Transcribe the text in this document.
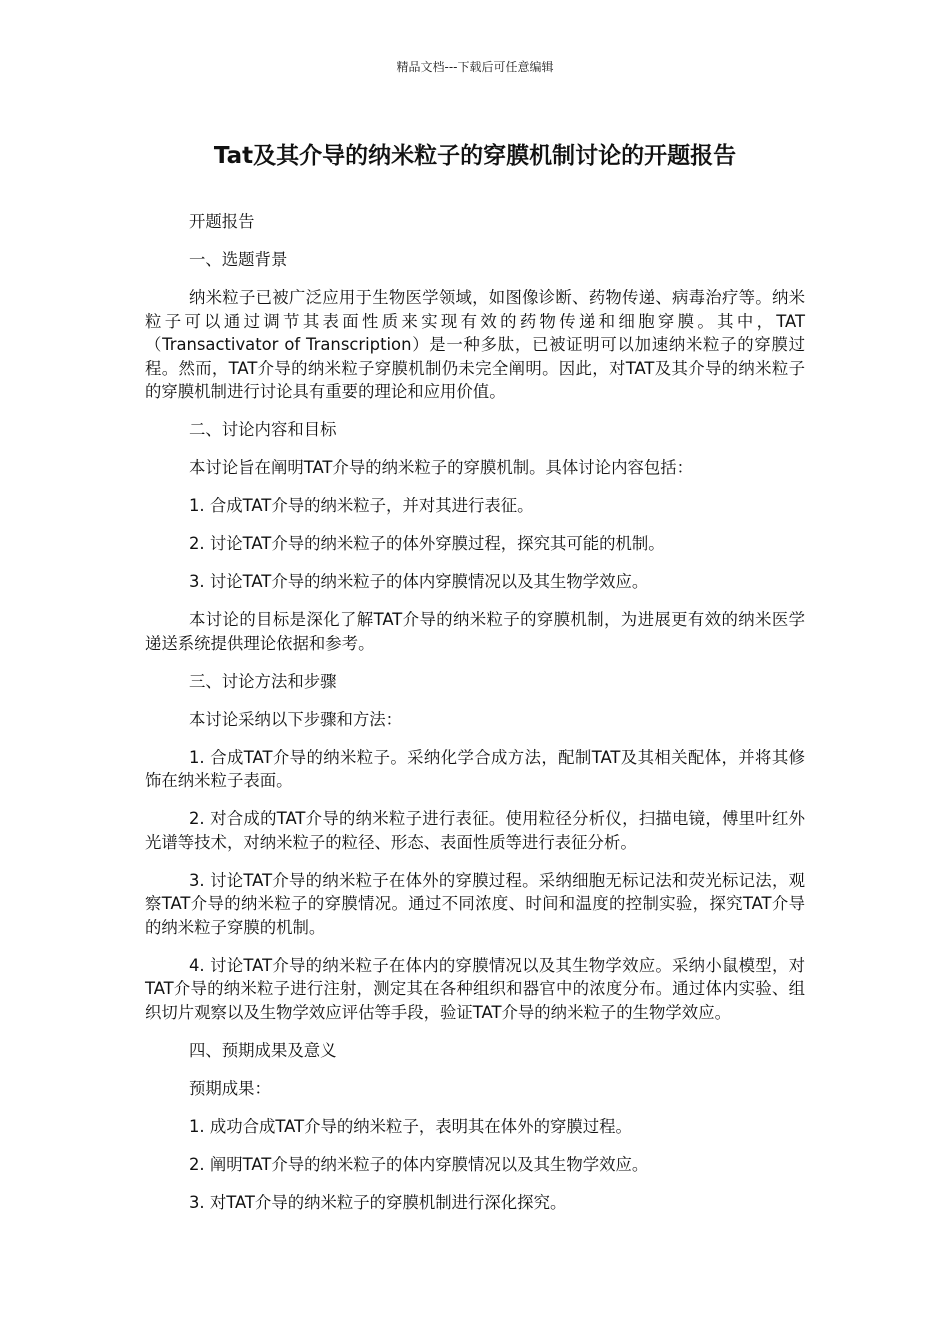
精品文档---下载后可任意编辑
Tat及其介导的纳米粒子的穿膜机制讨论的开题报告

开题报告

一、选题背景

纳米粒子已被广泛应用于生物医学领域，如图像诊断、药物传递、病毒治疗等。纳米粒子可以通过调节其表面性质来实现有效的药物传递和细胞穿膜。其中，TAT（Transactivator of Transcription）是一种多肽，已被证明可以加速纳米粒子的穿膜过程。然而，TAT介导的纳米粒子穿膜机制仍未完全阐明。因此，对TAT及其介导的纳米粒子的穿膜机制进行讨论具有重要的理论和应用价值。

二、讨论内容和目标

本讨论旨在阐明TAT介导的纳米粒子的穿膜机制。具体讨论内容包括：

1. 合成TAT介导的纳米粒子，并对其进行表征。

2. 讨论TAT介导的纳米粒子的体外穿膜过程，探究其可能的机制。

3. 讨论TAT介导的纳米粒子的体内穿膜情况以及其生物学效应。

本讨论的目标是深化了解TAT介导的纳米粒子的穿膜机制，为进展更有效的纳米医学递送系统提供理论依据和参考。

三、讨论方法和步骤

本讨论采纳以下步骤和方法：

1. 合成TAT介导的纳米粒子。采纳化学合成方法，配制TAT及其相关配体，并将其修饰在纳米粒子表面。

2. 对合成的TAT介导的纳米粒子进行表征。使用粒径分析仪，扫描电镜，傅里叶红外光谱等技术，对纳米粒子的粒径、形态、表面性质等进行表征分析。

3. 讨论TAT介导的纳米粒子在体外的穿膜过程。采纳细胞无标记法和荧光标记法，观察TAT介导的纳米粒子的穿膜情况。通过不同浓度、时间和温度的控制实验，探究TAT介导的纳米粒子穿膜的机制。

4. 讨论TAT介导的纳米粒子在体内的穿膜情况以及其生物学效应。采纳小鼠模型，对TAT介导的纳米粒子进行注射，测定其在各种组织和器官中的浓度分布。通过体内实验、组织切片观察以及生物学效应评估等手段，验证TAT介导的纳米粒子的生物学效应。

四、预期成果及意义

预期成果：

1. 成功合成TAT介导的纳米粒子，表明其在体外的穿膜过程。

2. 阐明TAT介导的纳米粒子的体内穿膜情况以及其生物学效应。

3. 对TAT介导的纳米粒子的穿膜机制进行深化探究。
